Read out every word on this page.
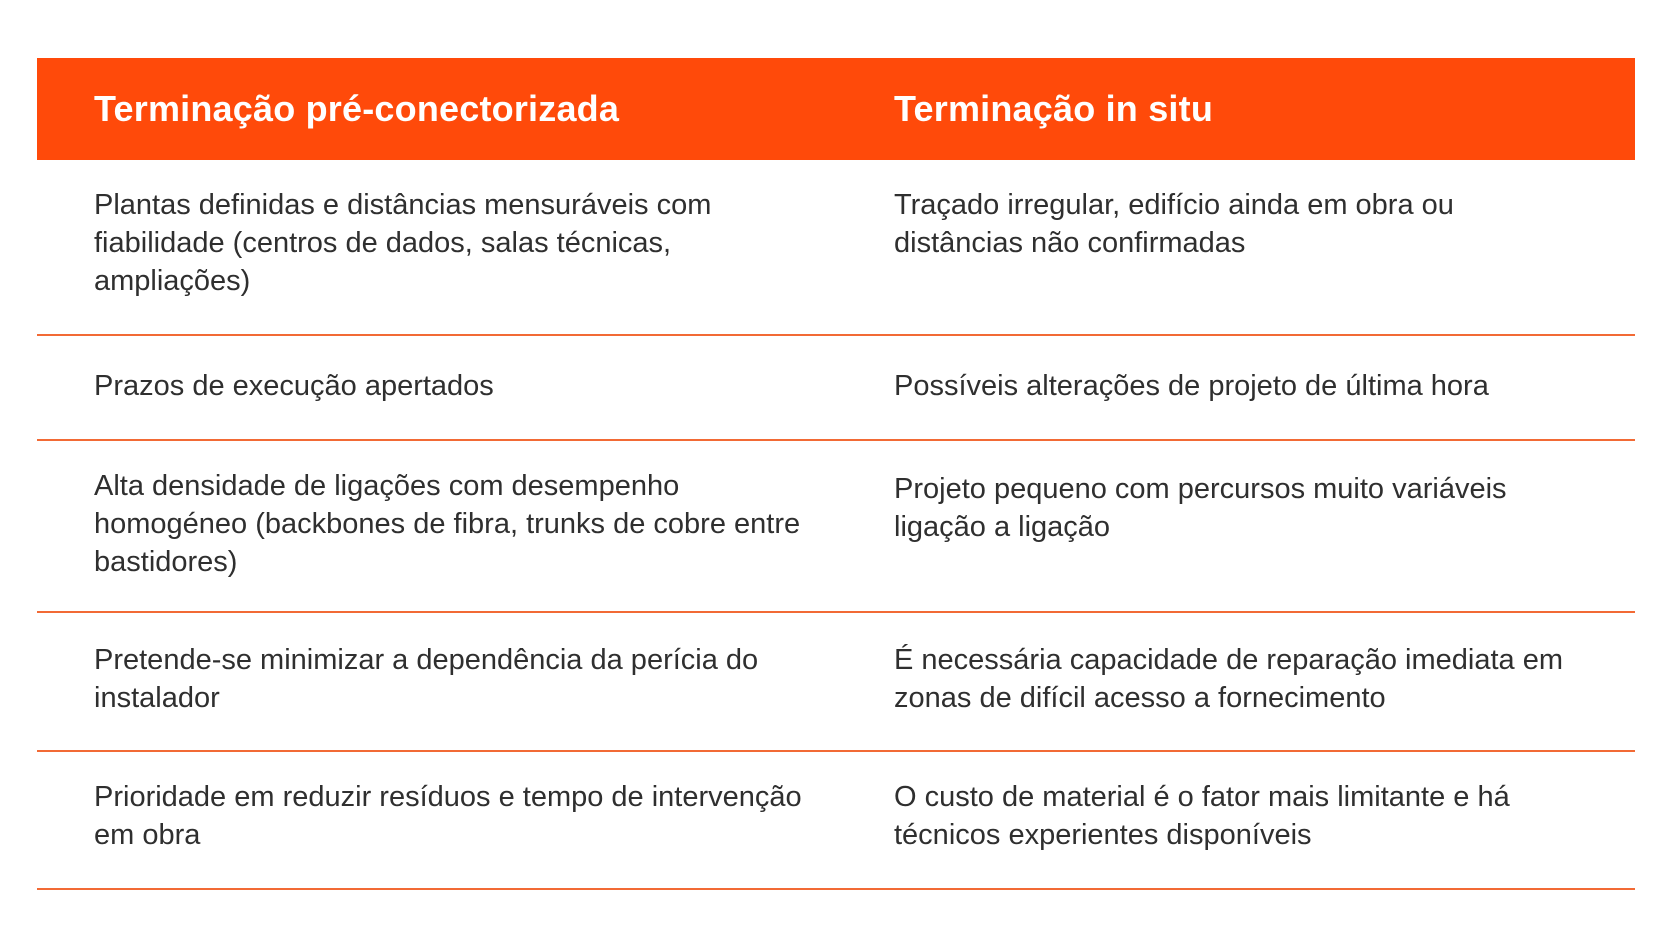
Terminação pré-conectorizada	Terminação in situ
Plantas definidas e distâncias mensuráveis com fiabilidade (centros de dados, salas técnicas, ampliações)
Traçado irregular, edifício ainda em obra ou distâncias não confirmadas
Prazos de execução apertados	Possíveis alterações de projeto de última hora
Alta densidade de ligações com desempenho homogéneo (backbones de fibra, trunks de cobre entre bastidores)
Projeto pequeno com percursos muito variáveis ligação a ligação
Pretende-se minimizar a dependência da perícia do instalador
É necessária capacidade de reparação imediata em zonas de difícil acesso a fornecimento
Prioridade em reduzir resíduos e tempo de intervenção em obra
O custo de material é o fator mais limitante e há técnicos experientes disponíveis
